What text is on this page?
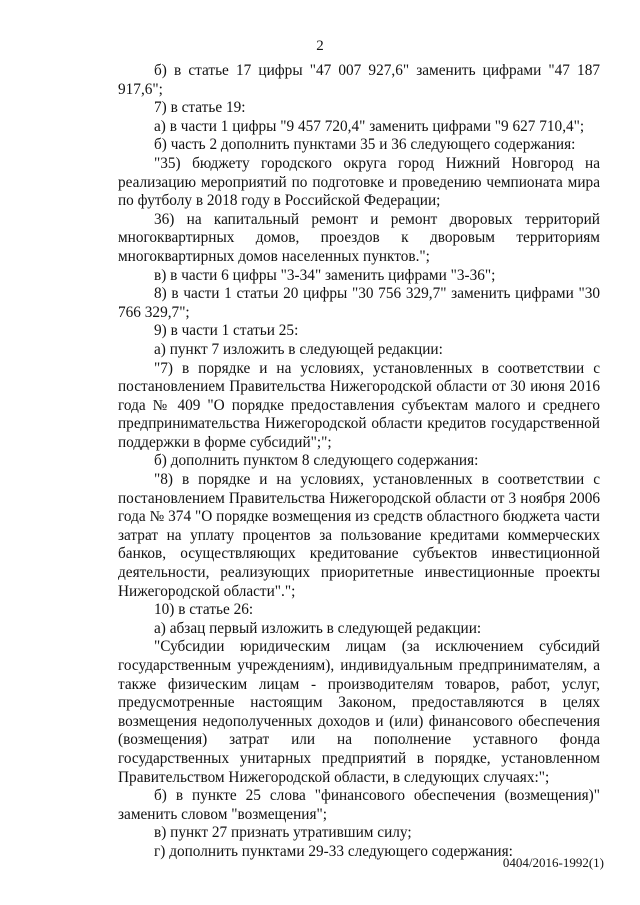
2

б) в статье 17 цифры "47 007 927,6" заменить цифрами "47 187 917,6";

7) в статье 19:

а) в части 1 цифры "9 457 720,4" заменить цифрами "9 627 710,4";

б) часть 2 дополнить пунктами 35 и 36 следующего содержания:

"35) бюджету городского округа город Нижний Новгород на реализацию мероприятий по подготовке и проведению чемпионата мира по футболу в 2018 году в Российской Федерации;

36) на капитальный ремонт и ремонт дворовых территорий многоквартирных домов, проездов к дворовым территориям многоквартирных домов населенных пунктов.";

в) в части 6 цифры "3-34" заменить цифрами "3-36";

8) в части 1 статьи 20 цифры "30 756 329,7" заменить цифрами "30 766 329,7";

9) в части 1 статьи 25:

а) пункт 7 изложить в следующей редакции:

"7) в порядке и на условиях, установленных в соответствии с постановлением Правительства Нижегородской области от 30 июня 2016 года № 409 "О порядке предоставления субъектам малого и среднего предпринимательства Нижегородской области кредитов государственной поддержки в форме субсидий";";

б) дополнить пунктом 8 следующего содержания:

"8) в порядке и на условиях, установленных в соответствии с постановлением Правительства Нижегородской области от 3 ноября 2006 года № 374 "О порядке возмещения из средств областного бюджета части затрат на уплату процентов за пользование кредитами коммерческих банков, осуществляющих кредитование субъектов инвестиционной деятельности, реализующих приоритетные инвестиционные проекты Нижегородской области".";

10) в статье 26:

а) абзац первый изложить в следующей редакции:

"Субсидии юридическим лицам (за исключением субсидий государственным учреждениям), индивидуальным предпринимателям, а также физическим лицам - производителям товаров, работ, услуг, предусмотренные настоящим Законом, предоставляются в целях возмещения недополученных доходов и (или) финансового обеспечения (возмещения) затрат или на пополнение уставного фонда государственных унитарных предприятий в порядке, установленном Правительством Нижегородской области, в следующих случаях:";

б) в пункте 25 слова "финансового обеспечения (возмещения)" заменить словом "возмещения";

в) пункт 27 признать утратившим силу;

г) дополнить пунктами 29-33 следующего содержания:

0404/2016-1992(1)
